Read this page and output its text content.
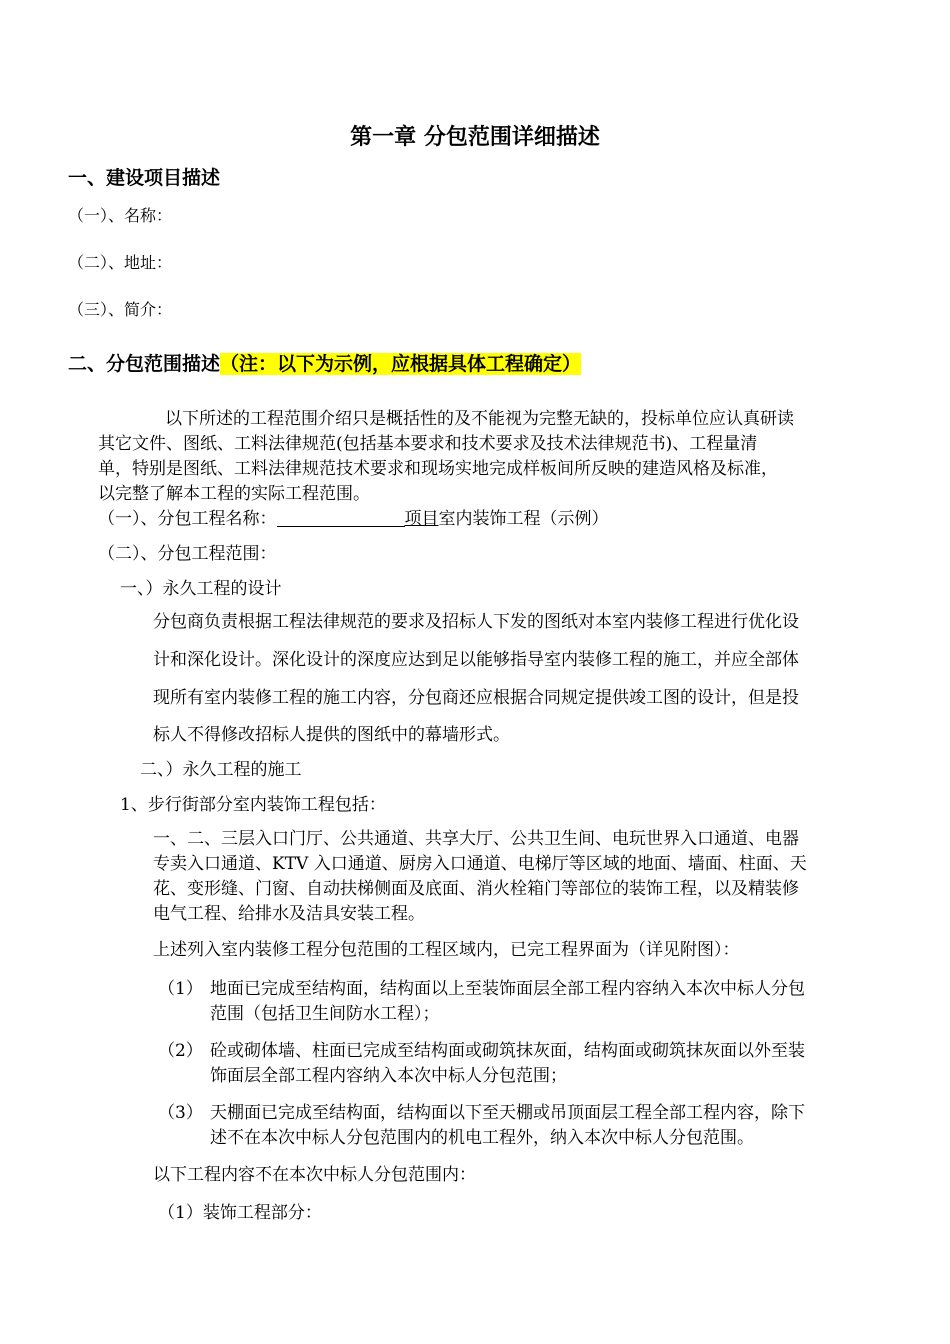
第一章 分包范围详细描述
一、建设项目描述
（一）、名称：
（二）、地址：
（三）、简介：
二、分包范围描述（注：以下为示例，应根据具体工程确定）
以下所述的工程范围介绍只是概括性的及不能视为完整无缺的，投标单位应认真研读
其它文件、图纸、工料法律规范(包括基本要求和技术要求及技术法律规范书)、工程量清
单，特别是图纸、工料法律规范技术要求和现场实地完成样板间所反映的建造风格及标准，
以完整了解本工程的实际工程范围。
（一）、分包工程名称：	项目室内装饰工程（示例）
（二）、分包工程范围：
一、）永久工程的设计
分包商负责根据工程法律规范的要求及招标人下发的图纸对本室内装修工程进行优化设
计和深化设计。深化设计的深度应达到足以能够指导室内装修工程的施工，并应全部体
现所有室内装修工程的施工内容，分包商还应根据合同规定提供竣工图的设计，但是投
标人不得修改招标人提供的图纸中的幕墙形式。
二、）永久工程的施工
1、步行街部分室内装饰工程包括：
一、二、三层入口门厅、公共通道、共享大厅、公共卫生间、电玩世界入口通道、电器
专卖入口通道、KTV 入口通道、厨房入口通道、电梯厅等区域的地面、墙面、柱面、天
花、变形缝、门窗、自动扶梯侧面及底面、消火栓箱门等部位的装饰工程，以及精装修
电气工程、给排水及洁具安装工程。
上述列入室内装修工程分包范围的工程区域内，已完工程界面为（详见附图）：
（1） 地面已完成至结构面，结构面以上至装饰面层全部工程内容纳入本次中标人分包
范围（包括卫生间防水工程）；
（2） 砼或砌体墙、柱面已完成至结构面或砌筑抹灰面，结构面或砌筑抹灰面以外至装
饰面层全部工程内容纳入本次中标人分包范围；
（3） 天棚面已完成至结构面，结构面以下至天棚或吊顶面层工程全部工程内容，除下
述不在本次中标人分包范围内的机电工程外，纳入本次中标人分包范围。
以下工程内容不在本次中标人分包范围内：
（1）装饰工程部分：
